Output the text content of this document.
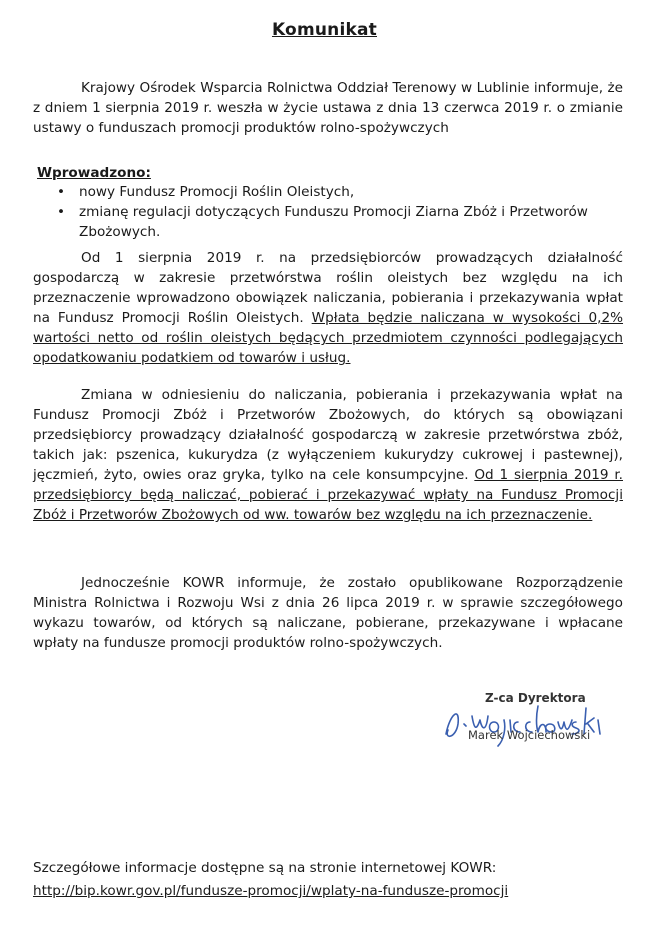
Komunikat
Krajowy Ośrodek Wsparcia Rolnictwa Oddział Terenowy w Lublinie informuje, że z dniem 1 sierpnia 2019 r. weszła w życie ustawa z dnia 13 czerwca 2019 r. o zmianie ustawy o funduszach promocji produktów rolno-spożywczych
Wprowadzono:
• nowy Fundusz Promocji Roślin Oleistych,
• zmianę regulacji dotyczących Funduszu Promocji Ziarna Zbóż i Przetworów Zbożowych.
Od 1 sierpnia 2019 r. na przedsiębiorców prowadzących działalność gospodarczą w zakresie przetwórstwa roślin oleistych bez względu na ich przeznaczenie wprowadzono obowiązek naliczania, pobierania i przekazywania wpłat na Fundusz Promocji Roślin Oleistych. Wpłata będzie naliczana w wysokości 0,2% wartości netto od roślin oleistych będących przedmiotem czynności podlegających opodatkowaniu podatkiem od towarów i usług.
Zmiana w odniesieniu do naliczania, pobierania i przekazywania wpłat na Fundusz Promocji Zbóż i Przetworów Zbożowych, do których są obowiązani przedsiębiorcy prowadzący działalność gospodarczą w zakresie przetwórstwa zbóż, takich jak: pszenica, kukurydza (z wyłączeniem kukurydzy cukrowej i pastewnej), jęczmień, żyto, owies oraz gryka, tylko na cele konsumpcyjne. Od 1 sierpnia 2019 r. przedsiębiorcy będą naliczać, pobierać i przekazywać wpłaty na Fundusz Promocji Zbóż i Przetworów Zbożowych od ww. towarów bez względu na ich przeznaczenie.
Jednocześnie KOWR informuje, że zostało opublikowane Rozporządzenie Ministra Rolnictwa i Rozwoju Wsi z dnia 26 lipca 2019 r. w sprawie szczegółowego wykazu towarów, od których są naliczane, pobierane, przekazywane i wpłacane wpłaty na fundusze promocji produktów rolno-spożywczych.
Z-ca Dyrektora
Marek Wojciechowski
Szczegółowe informacje dostępne są na stronie internetowej KOWR:
http://bip.kowr.gov.pl/fundusze-promocji/wplaty-na-fundusze-promocji
